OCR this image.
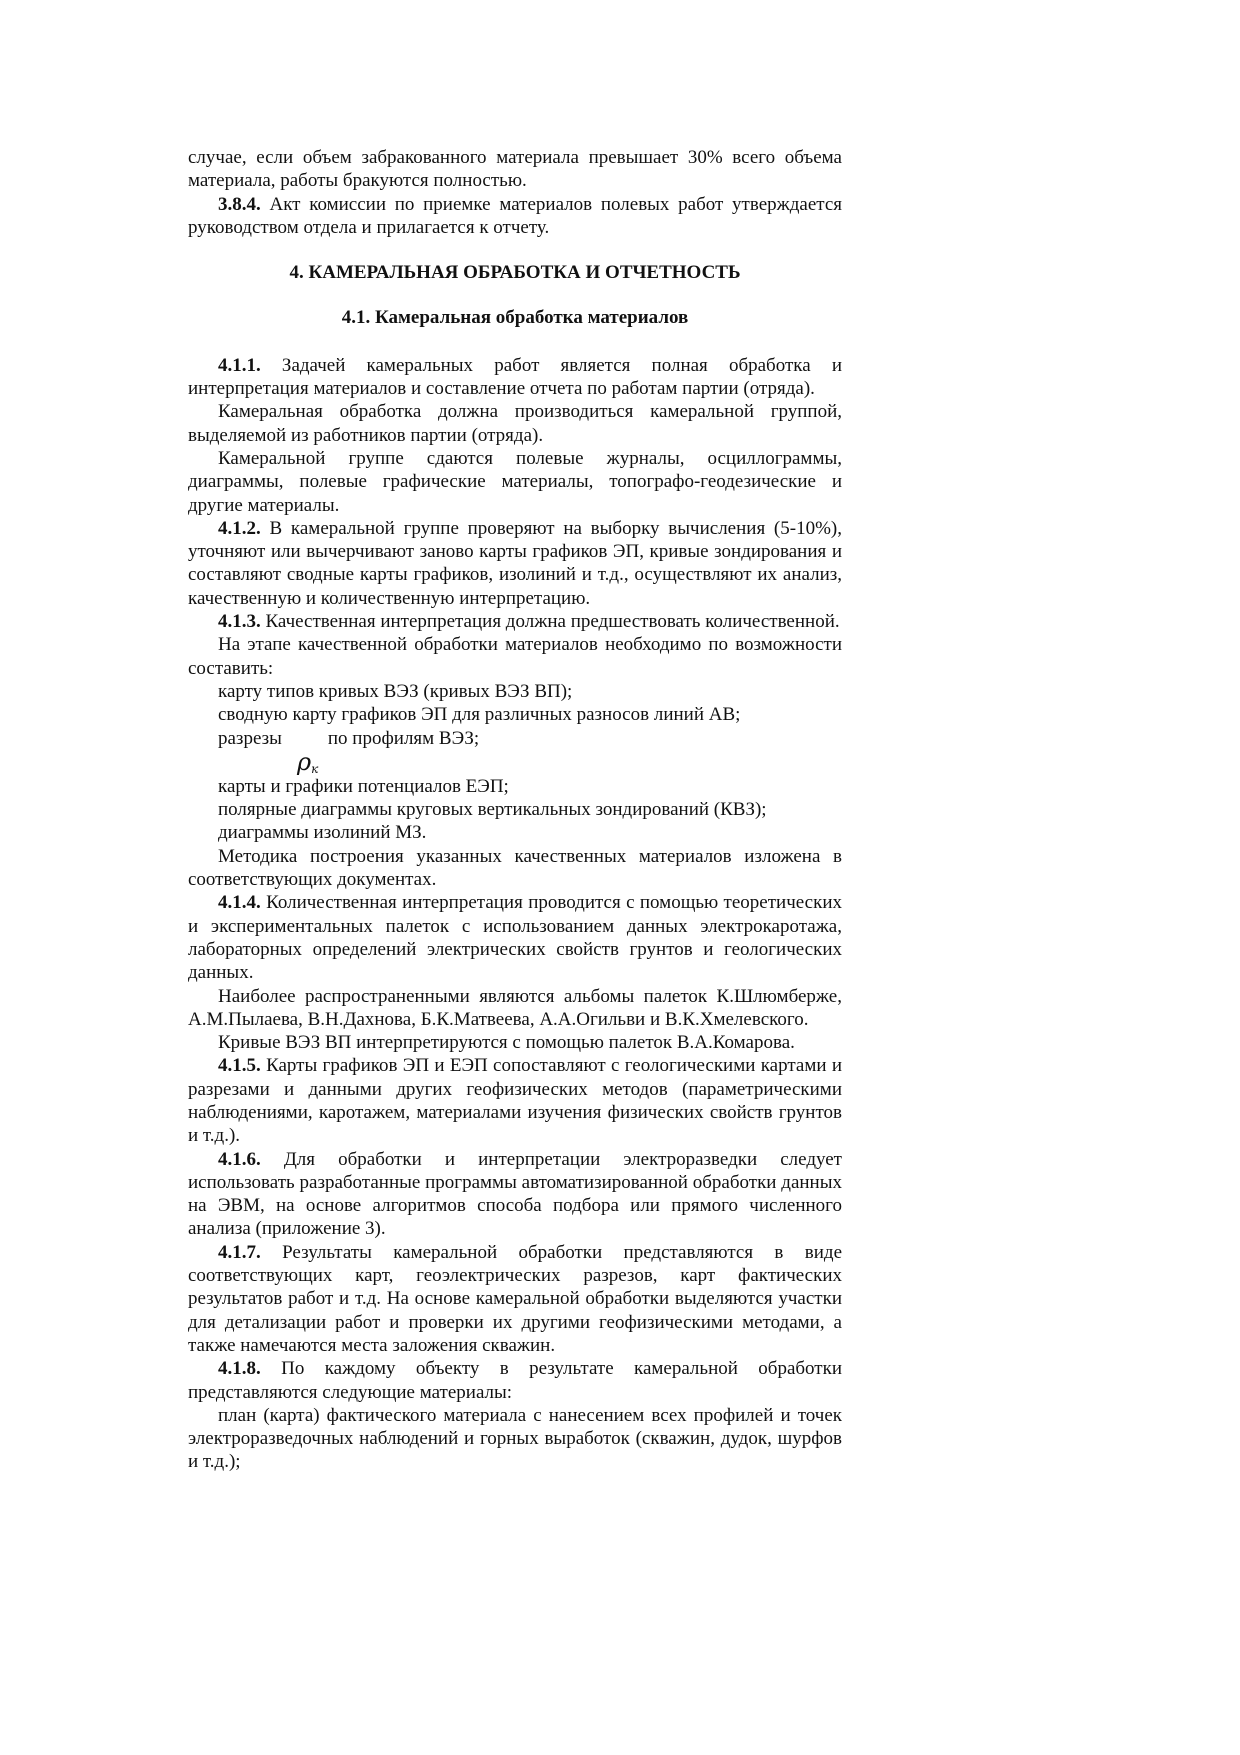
случае, если объем забракованного материала превышает 30% всего объема материала, работы бракуются полностью.

3.8.4. Акт комиссии по приемке материалов полевых работ утверждается руководством отдела и прилагается к отчету.

4. КАМЕРАЛЬНАЯ ОБРАБОТКА И ОТЧЕТНОСТЬ
4.1. Камеральная обработка материалов

4.1.1. Задачей камеральных работ является полная обработка и интерпретация материалов и составление отчета по работам партии (отряда).

Камеральная обработка должна производиться камеральной группой, выделяемой из работников партии (отряда).

Камеральной группе сдаются полевые журналы, осциллограммы, диаграммы, полевые графические материалы, топографо-геодезические и другие материалы.

4.1.2. В камеральной группе проверяют на выборку вычисления (5-10%), уточняют или вычерчивают заново карты графиков ЭП, кривые зондирования и составляют сводные карты графиков, изолиний и т.д., осуществляют их анализ, качественную и количественную интерпретацию.

4.1.3. Качественная интерпретация должна предшествовать количественной.

На этапе качественной обработки материалов необходимо по возможности составить:

карту типов кривых ВЭЗ (кривых ВЭЗ ВП);

сводную карту графиков ЭП для различных разносов линий АВ;

разрезы по профилям ВЭЗ;

$\rho_к$

карты и графики потенциалов ЕЭП;

полярные диаграммы круговых вертикальных зондирований (КВЗ);

диаграммы изолиний МЗ.

Методика построения указанных качественных материалов изложена в соответствующих документах.

4.1.4. Количественная интерпретация проводится с помощью теоретических и экспериментальных палеток с использованием данных электрокаротажа, лабораторных определений электрических свойств грунтов и геологических данных.

Наиболее распространенными являются альбомы палеток К.Шлюмберже, А.М.Пылаева, В.Н.Дахнова, Б.К.Матвеева, А.А.Огильви и В.К.Хмелевского.

Кривые ВЭЗ ВП интерпретируются с помощью палеток В.А.Комарова.

4.1.5. Карты графиков ЭП и ЕЭП сопоставляют с геологическими картами и разрезами и данными других геофизических методов (параметрическими наблюдениями, каротажем, материалами изучения физических свойств грунтов и т.д.).

4.1.6. Для обработки и интерпретации электроразведки следует использовать разработанные программы автоматизированной обработки данных на ЭВМ, на основе алгоритмов способа подбора или прямого численного анализа (приложение 3).

4.1.7. Результаты камеральной обработки представляются в виде соответствующих карт, геоэлектрических разрезов, карт фактических результатов работ и т.д. На основе камеральной обработки выделяются участки для детализации работ и проверки их другими геофизическими методами, а также намечаются места заложения скважин.

4.1.8. По каждому объекту в результате камеральной обработки представляются следующие материалы:

план (карта) фактического материала с нанесением всех профилей и точек электроразведочных наблюдений и горных выработок (скважин, дудок, шурфов и т.д.);
